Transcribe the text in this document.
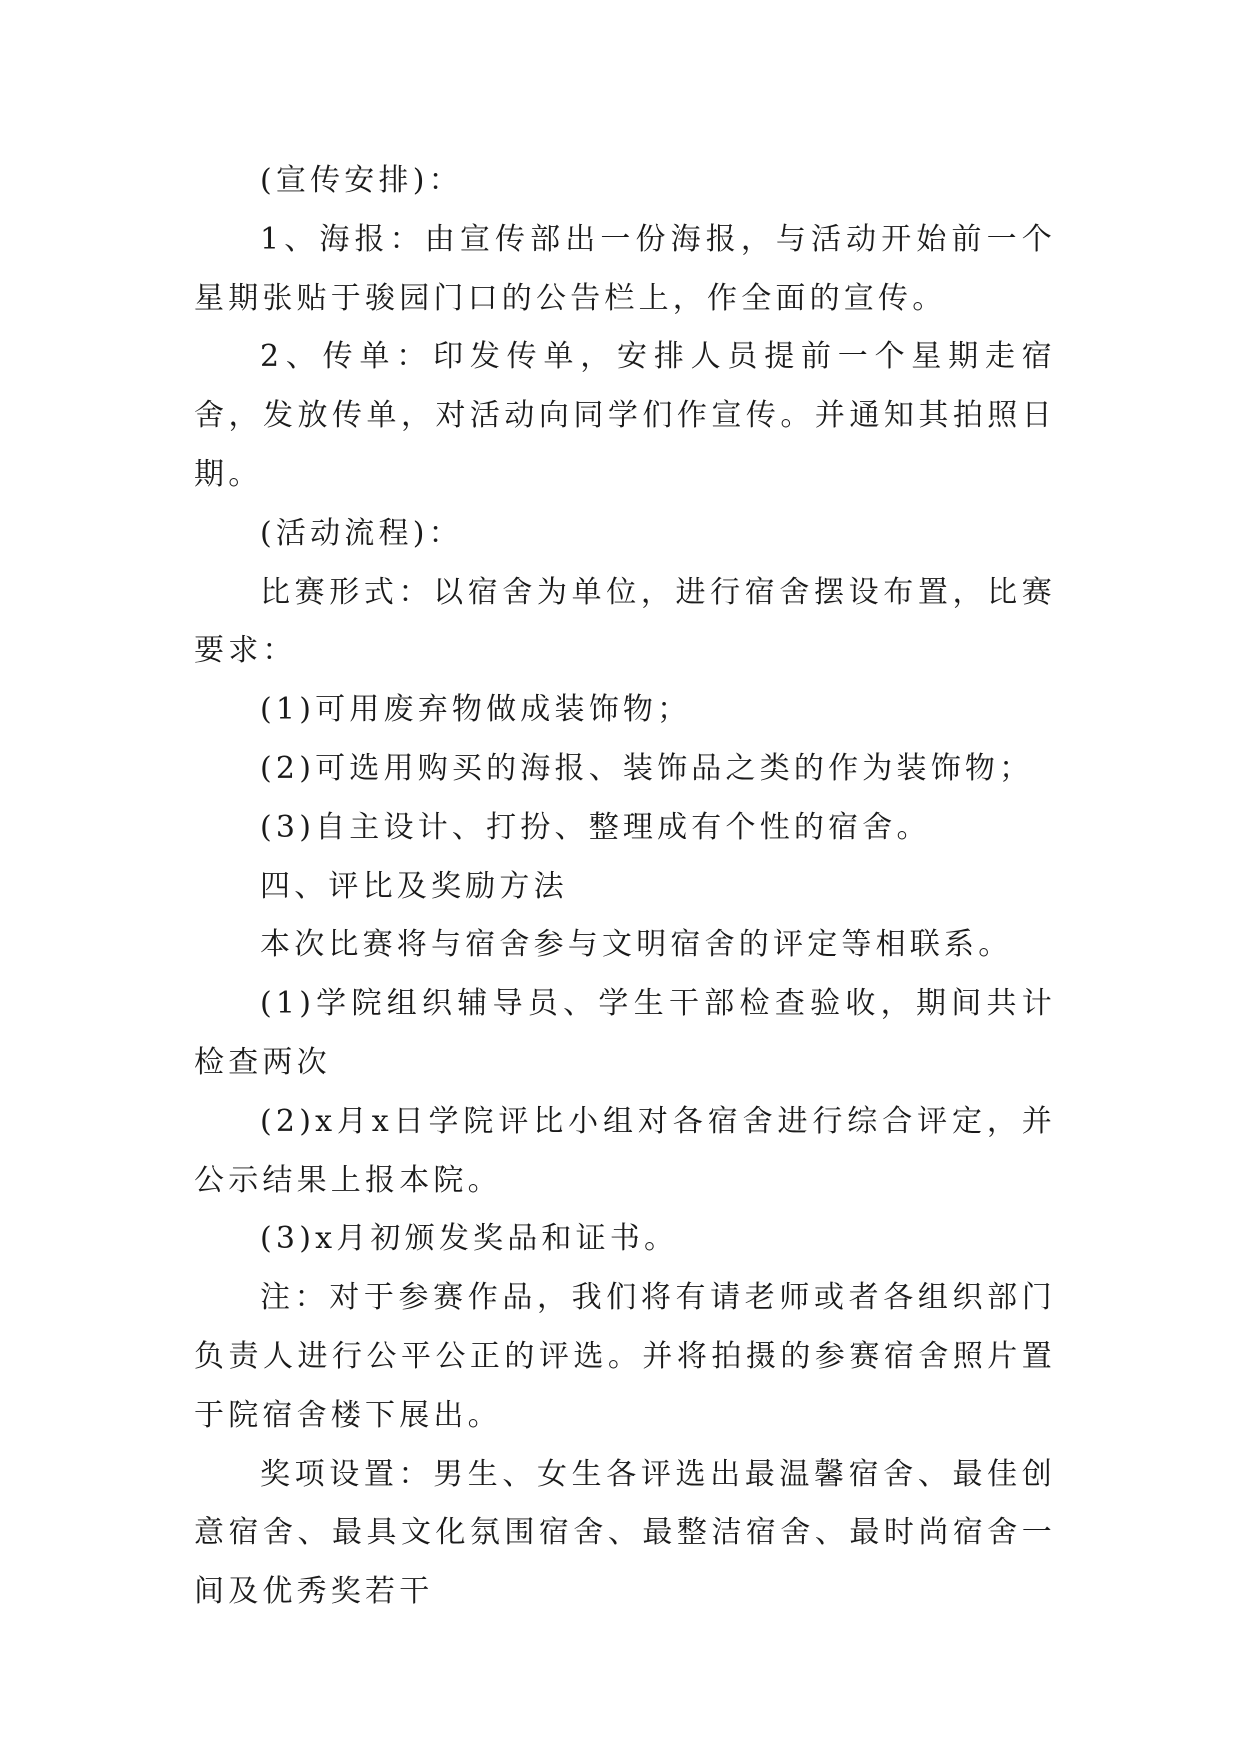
(宣传安排)：

1、海报：由宣传部出一份海报，与活动开始前一个星期张贴于骏园门口的公告栏上，作全面的宣传。

2、传单：印发传单，安排人员提前一个星期走宿舍，发放传单，对活动向同学们作宣传。并通知其拍照日期。

(活动流程)：

比赛形式：以宿舍为单位，进行宿舍摆设布置，比赛要求：

(1)可用废弃物做成装饰物；

(2)可选用购买的海报、装饰品之类的作为装饰物；

(3)自主设计、打扮、整理成有个性的宿舍。

四、评比及奖励方法

本次比赛将与宿舍参与文明宿舍的评定等相联系。

(1)学院组织辅导员、学生干部检查验收，期间共计检查两次

(2)x月x日学院评比小组对各宿舍进行综合评定，并公示结果上报本院。

(3)x月初颁发奖品和证书。

注：对于参赛作品，我们将有请老师或者各组织部门负责人进行公平公正的评选。并将拍摄的参赛宿舍照片置于院宿舍楼下展出。

奖项设置：男生、女生各评选出最温馨宿舍、最佳创意宿舍、最具文化氛围宿舍、最整洁宿舍、最时尚宿舍一间及优秀奖若干
